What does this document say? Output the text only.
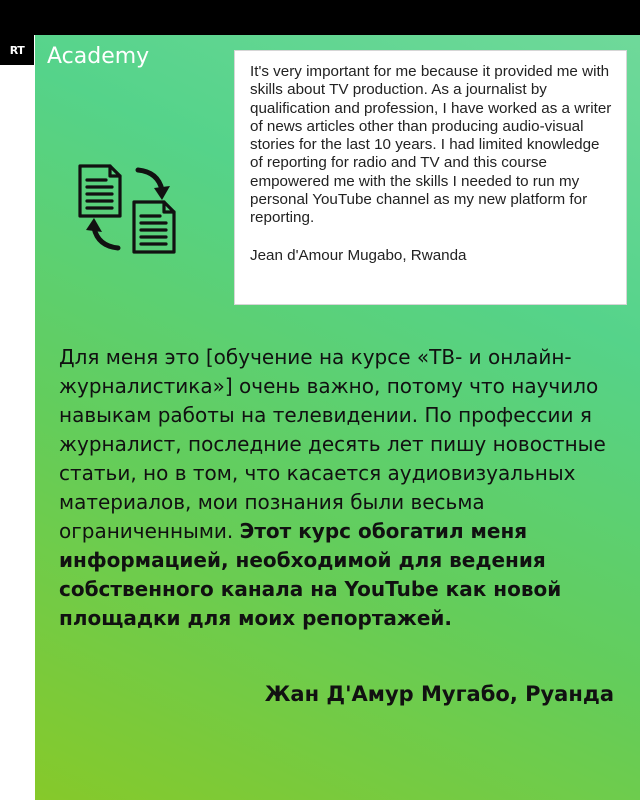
RT	Academy
It's very important for me because it provided me with skills about TV production. As a journalist by qualification and profession, I have worked as a writer of news articles other than producing audio-visual stories for the last 10 years. I had limited knowledge of reporting for radio and TV and this course empowered me with the skills I needed to run my personal YouTube channel as my new platform for reporting.
Jean d'Amour Mugabo, Rwanda
Для меня это [обучение на курсе «ТВ- и онлайн-журналистика»] очень важно, потому что научило навыкам работы на телевидении. По профессии я журналист, последние десять лет пишу новостные статьи, но в том, что касается аудиовизуальных материалов, мои познания были весьма ограниченными. Этот курс обогатил меня информацией, необходимой для ведения собственного канала на YouTube как новой площадки для моих репортажей.
Жан Д'Амур Мугабо, Руанда
